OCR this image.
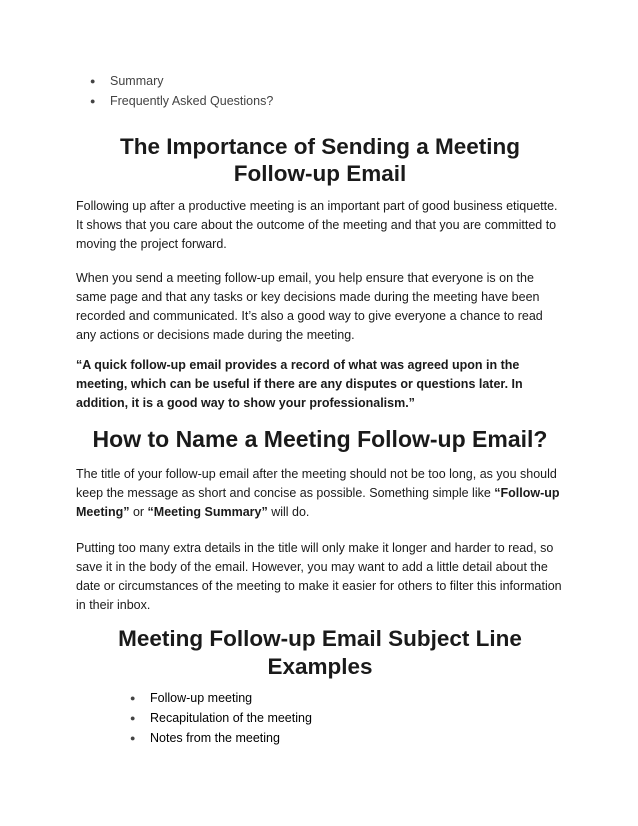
● Summary
● Frequently Asked Questions?
The Importance of Sending a Meeting
Follow-up Email

Following up after a productive meeting is an important part of good business etiquette. It shows that you care about the outcome of the meeting and that you are committed to moving the project forward.

When you send a meeting follow-up email, you help ensure that everyone is on the same page and that any tasks or key decisions made during the meeting have been recorded and communicated. It’s also a good way to give everyone a chance to read any actions or decisions made during the meeting.

“A quick follow-up email provides a record of what was agreed upon in the meeting, which can be useful if there are any disputes or questions later. In addition, it is a good way to show your professionalism.”

How to Name a Meeting Follow-up Email?

The title of your follow-up email after the meeting should not be too long, as you should keep the message as short and concise as possible. Something simple like “Follow-up Meeting” or “Meeting Summary” will do.

Putting too many extra details in the title will only make it longer and harder to read, so save it in the body of the email. However, you may want to add a little detail about the date or circumstances of the meeting to make it easier for others to filter this information in their inbox.

Meeting Follow-up Email Subject Line
Examples
● Follow-up meeting
● Recapitulation of the meeting
● Notes from the meeting
